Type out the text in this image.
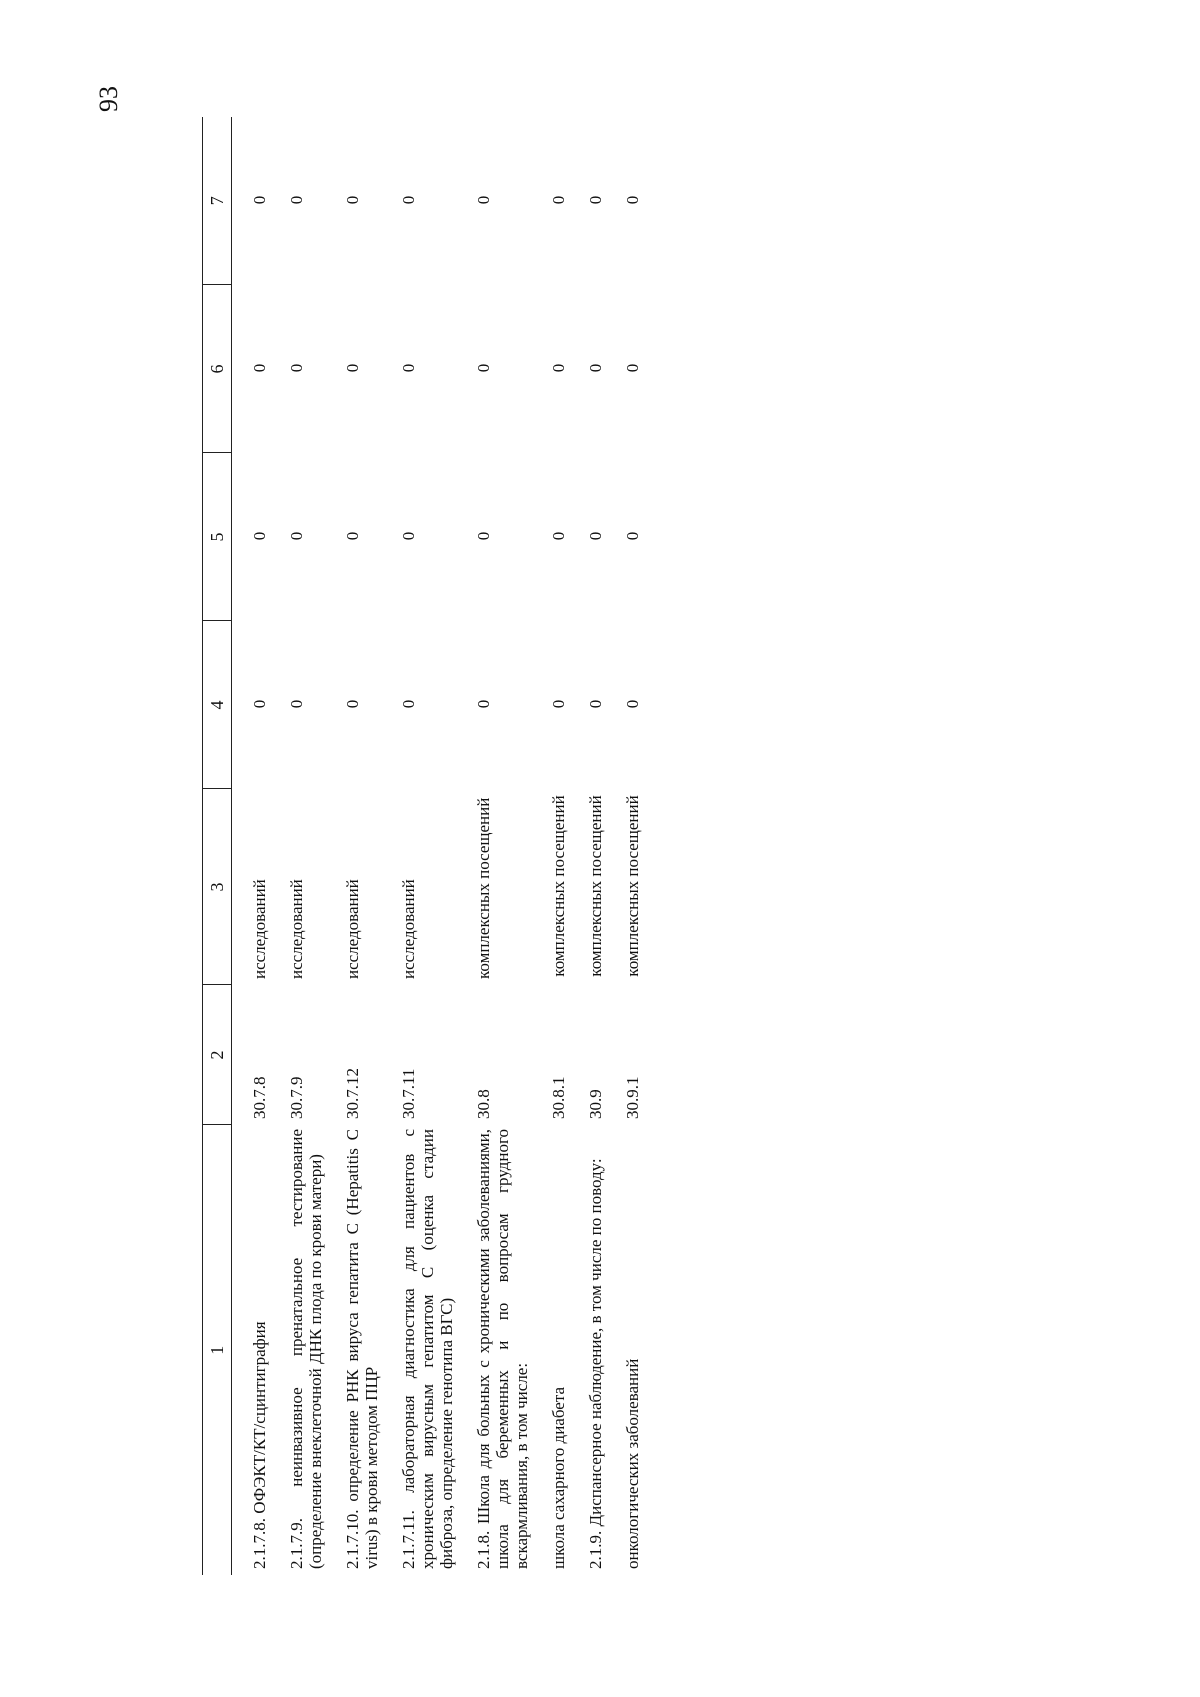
93
1	2	3	4	5	6	7
2.1.7.8. ОФЭКТ/КТ/сцинтиграфия	30.7.8	исследований	0	0	0	0
2.1.7.9. неинвазивное пренатальное тестирование (определение внеклеточной ДНК плода по крови матери)	30.7.9	исследований	0	0	0	0
2.1.7.10. определение РНК вируса гепатита С (Hepatitis C virus) в крови методом ПЦР	30.7.12	исследований	0	0	0	0
2.1.7.11. лабораторная диагностика для пациентов с хроническим вирусным гепатитом С (оценка стадии фиброза, определение генотипа ВГС)	30.7.11	исследований	0	0	0	0
2.1.8. Школа для больных с хроническими заболеваниями, школа для беременных и по вопросам грудного вскармливания, в том числе:	30.8	комплексных посещений	0	0	0	0
школа сахарного диабета	30.8.1	комплексных посещений	0	0	0	0
2.1.9. Диспансерное наблюдение, в том числе по поводу:	30.9	комплексных посещений	0	0	0	0
онкологических заболеваний	30.9.1	комплексных посещений	0	0	0	0
